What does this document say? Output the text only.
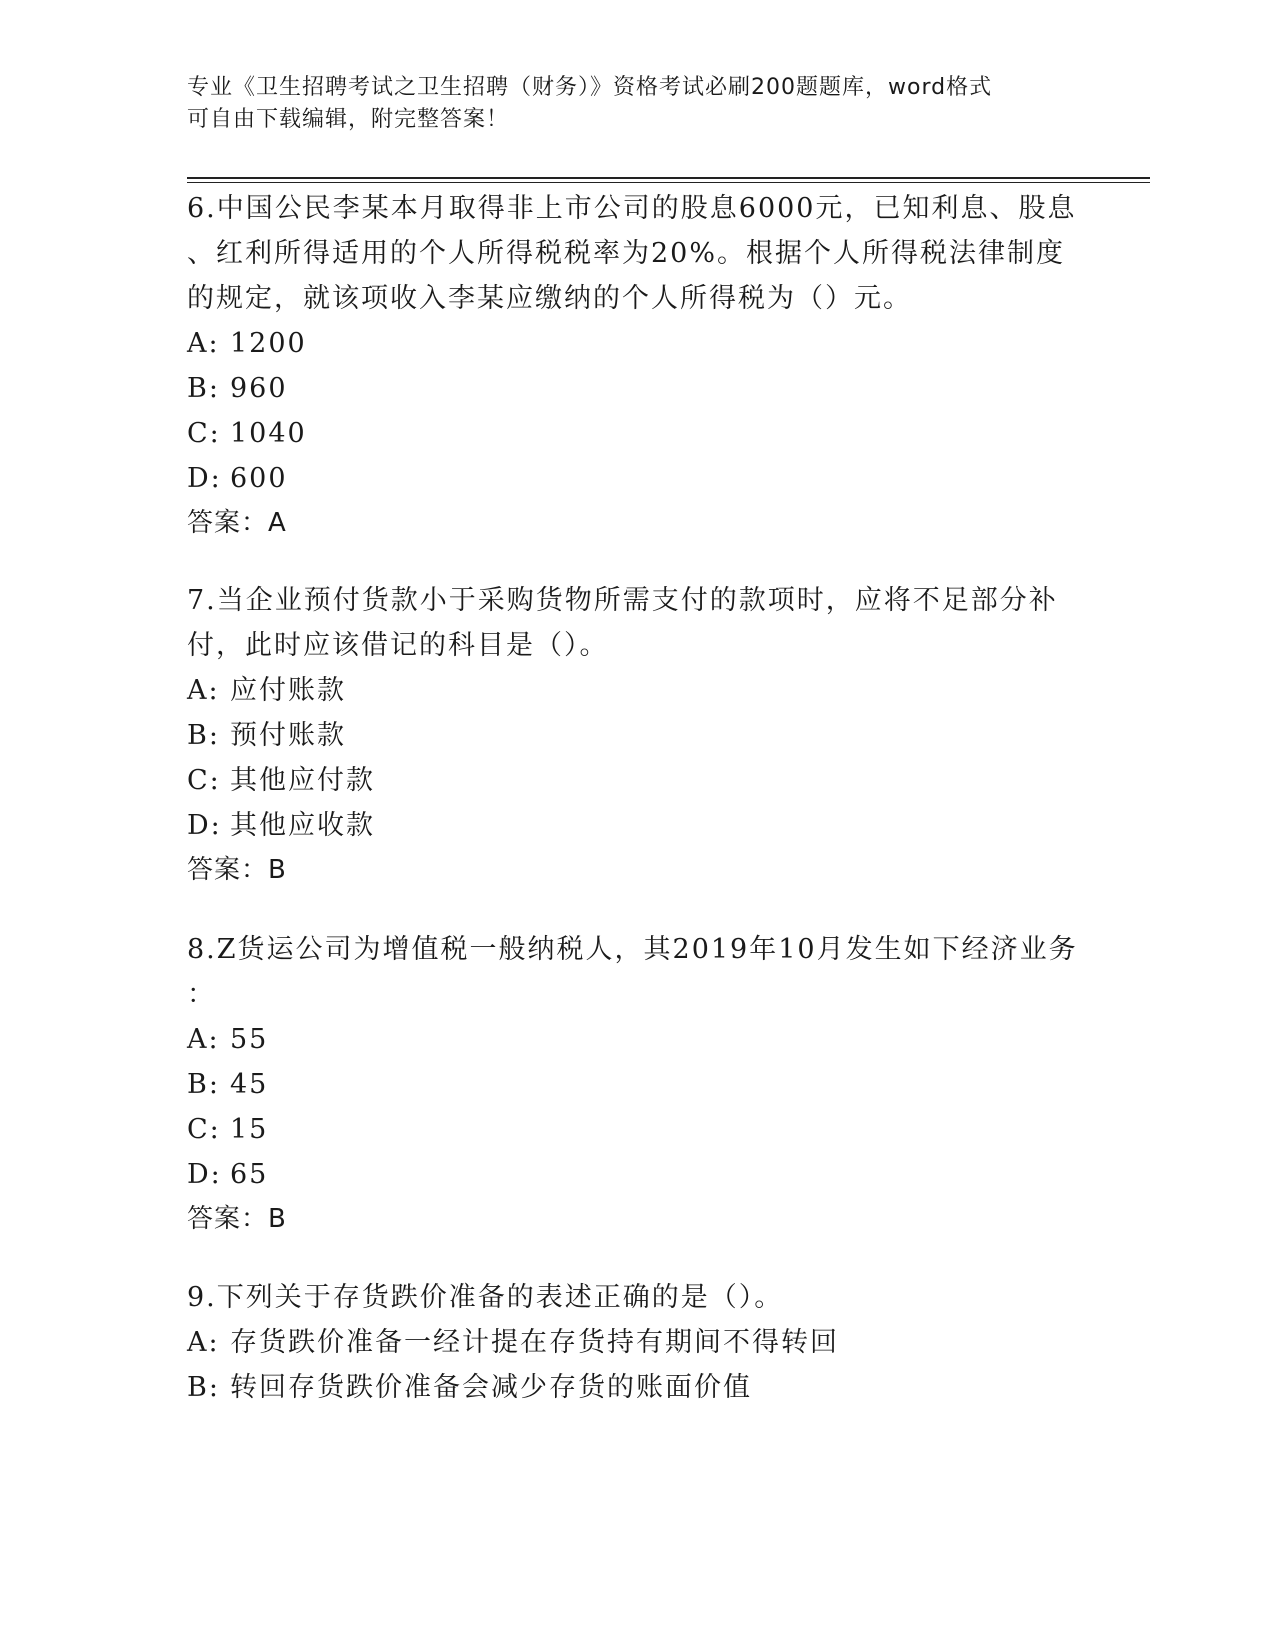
专业《卫生招聘考试之卫生招聘（财务）》资格考试必刷200题题库，word格式
可自由下载编辑，附完整答案！

6.中国公民李某本月取得非上市公司的股息6000元，已知利息、股息

、红利所得适用的个人所得税税率为20%。根据个人所得税法律制度

的规定，就该项收入李某应缴纳的个人所得税为（）元。

A: 1200

B: 960

C: 1040

D: 600

答案：A

7.当企业预付货款小于采购货物所需支付的款项时，应将不足部分补

付，此时应该借记的科目是（）。

A: 应付账款

B: 预付账款

C: 其他应付款

D: 其他应收款

答案：B

8.Z货运公司为增值税一般纳税人，其2019年10月发生如下经济业务

：

A: 55

B: 45

C: 15

D: 65

答案：B

9.下列关于存货跌价准备的表述正确的是（）。

A: 存货跌价准备一经计提在存货持有期间不得转回

B: 转回存货跌价准备会减少存货的账面价值
